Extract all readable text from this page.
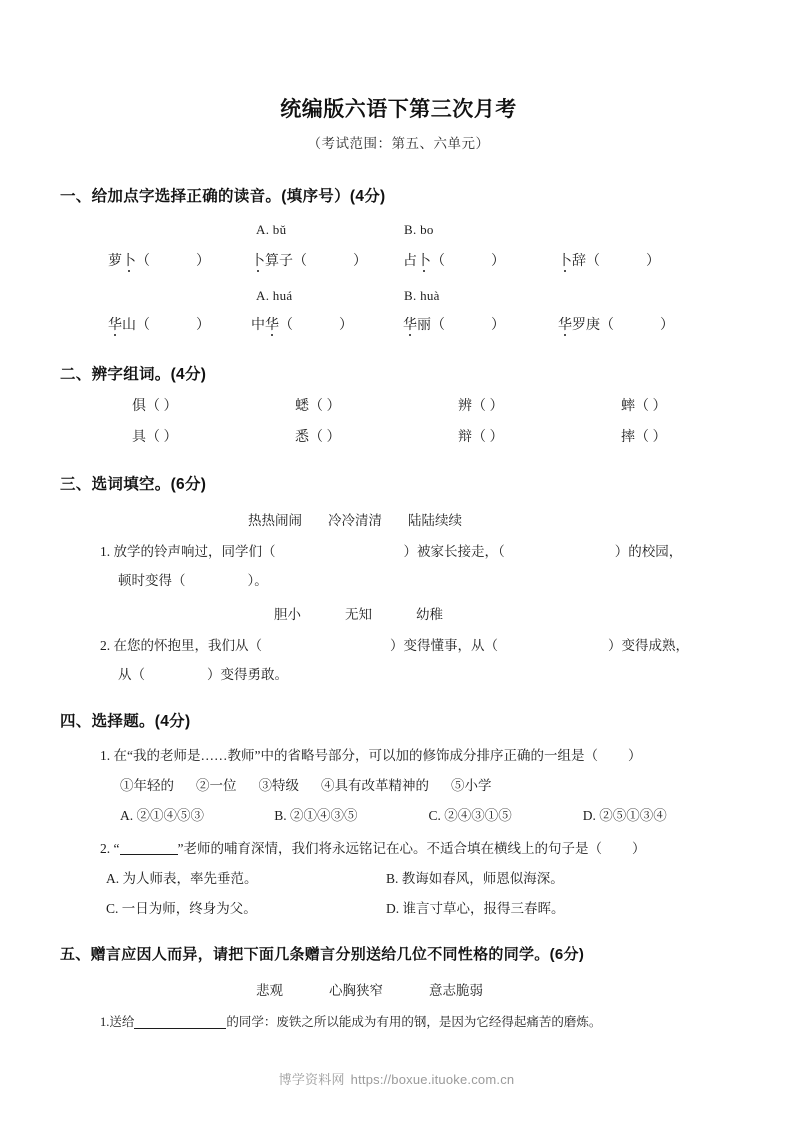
统编版六语下第三次月考
（考试范围：第五、六单元）
一、给加点字选择正确的读音。(填序号）(4分)
A. bǔ	B. bo
萝卜（	）	卜算子（	）	占卜（	）	卜辞（	）
A. huá	B. huà
华山（	）	中华（	）	华丽（	）	华罗庚（	）
二、辨字组词。(4分)
俱（ ）	蟋（ ）	辨（ ）	蟀（ ）
具（ ）	悉（ ）	辩（ ）	摔（ ）
三、选词填空。(6分)
热热闹闹 冷冷清清 陆陆续续
1. 放学的铃声响过，同学们（	）被家长接走，（	）的校园，
顿时变得（	）。
胆小	无知	幼稚
2. 在您的怀抱里，我们从（	）变得懂事，从（	）变得成熟，
从（	）变得勇敢。
四、选择题。(4分)
1. 在“我的老师是……教师”中的省略号部分，可以加的修饰成分排序正确的一组是（ ）
①年轻的 ②一位 ③特级 ④具有改革精神的 ⑤小学
A. ②①④⑤③	B. ②①④③⑤	C. ②④③①⑤	D. ②⑤①③④
2. “	”老师的哺育深情，我们将永远铭记在心。不适合填在横线上的句子是（ ）
A. 为人师表，率先垂范。	B. 教诲如春风，师恩似海深。
C. 一日为师，终身为父。	D. 谁言寸草心，报得三春晖。
五、赠言应因人而异，请把下面几条赠言分别送给几位不同性格的同学。(6分)
悲观	心胸狭窄	意志脆弱
1.送给	的同学：废铁之所以能成为有用的钢，是因为它经得起痛苦的磨炼。
博学资料网 https://boxue.ituoke.com.cn
